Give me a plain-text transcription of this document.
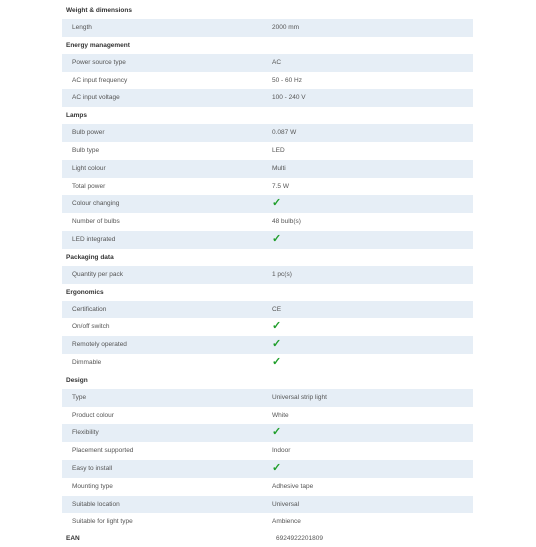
Weight & dimensions
Length	2000 mm
Energy management
Power source type	AC
AC input frequency	50 - 60 Hz
AC input voltage	100 - 240 V
Lamps
Bulb power	0.087 W
Bulb type	LED
Light colour	Multi
Total power	7.5 W
Colour changing	✓
Number of bulbs	48 bulb(s)
LED integrated	✓
Packaging data
Quantity per pack	1 pc(s)
Ergonomics
Certification	CE
On/off switch	✓
Remotely operated	✓
Dimmable	✓
Design
Type	Universal strip light
Product colour	White
Flexibility	✓
Placement supported	Indoor
Easy to install	✓
Mounting type	Adhesive tape
Suitable location	Universal
Suitable for light type	Ambience
EAN	6924922201809
